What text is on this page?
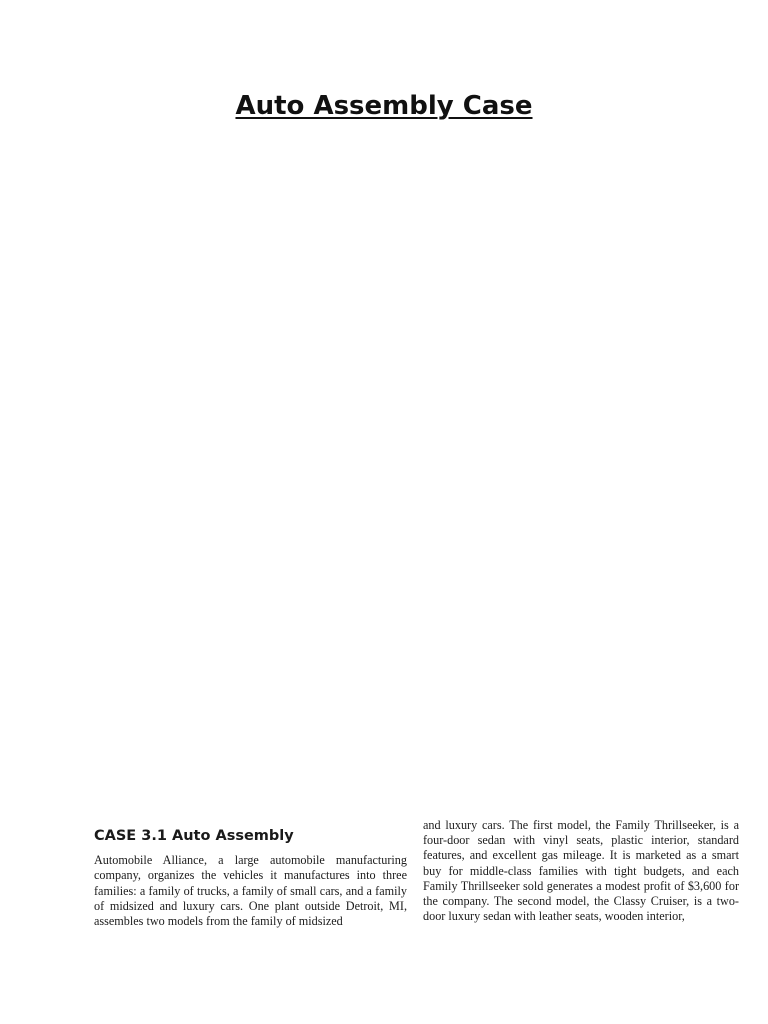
Auto Assembly Case
CASE 3.1 Auto Assembly

Automobile Alliance, a large automobile manufacturing company, organizes the vehicles it manufactures into three families: a family of trucks, a family of small cars, and a family of midsized and luxury cars. One plant outside Detroit, MI, assembles two models from the family of midsized

and luxury cars. The first model, the Family Thrillseeker, is a four-door sedan with vinyl seats, plastic interior, standard features, and excellent gas mileage. It is marketed as a smart buy for middle-class families with tight budgets, and each Family Thrillseeker sold generates a modest profit of $3,600 for the company. The second model, the Classy Cruiser, is a two-door luxury sedan with leather seats, wooden interior,
